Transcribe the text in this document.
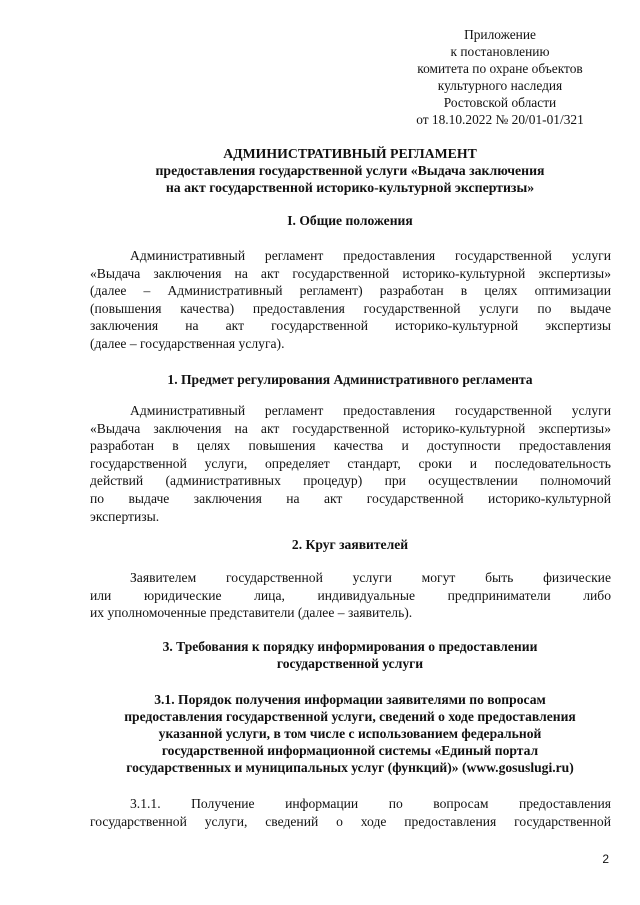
Приложение
к постановлению
комитета по охране объектов
культурного наследия
Ростовской области
от 18.10.2022 № 20/01-01/321
АДМИНИСТРАТИВНЫЙ РЕГЛАМЕНТ
предоставления государственной услуги «Выдача заключения
на акт государственной историко-культурной экспертизы»
I. Общие положения
Административный регламент предоставления государственной услуги
«Выдача заключения на акт государственной историко-культурной экспертизы»
(далее – Административный регламент) разработан в целях оптимизации
(повышения качества) предоставления государственной услуги по выдаче
заключения на акт государственной историко-культурной экспертизы
(далее – государственная услуга).
1. Предмет регулирования Административного регламента
Административный регламент предоставления государственной услуги
«Выдача заключения на акт государственной историко-культурной экспертизы»
разработан в целях повышения качества и доступности предоставления
государственной услуги, определяет стандарт, сроки и последовательность
действий (административных процедур) при осуществлении полномочий
по выдаче заключения на акт государственной историко-культурной
экспертизы.
2. Круг заявителей
Заявителем государственной услуги могут быть физические
или юридические лица, индивидуальные предприниматели либо
их уполномоченные представители (далее – заявитель).
3. Требования к порядку информирования о предоставлении
государственной услуги
3.1. Порядок получения информации заявителями по вопросам
предоставления государственной услуги, сведений о ходе предоставления
указанной услуги, в том числе с использованием федеральной
государственной информационной системы «Единый портал
государственных и муниципальных услуг (функций)» (www.gosuslugi.ru)
3.1.1. Получение информации по вопросам предоставления
государственной услуги, сведений о ходе предоставления государственной
2
